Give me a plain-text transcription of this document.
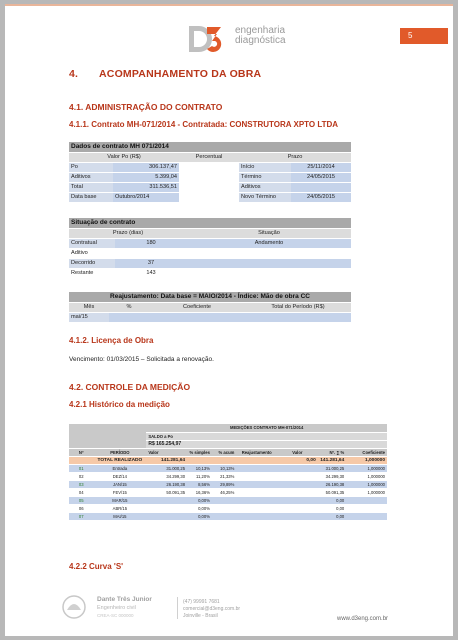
engenharia
diagnóstica	5
4. ACOMPANHAMENTO DA OBRA
4.1. ADMINISTRAÇÃO DO CONTRATO
4.1.1. Contrato MH-071/2014 - Contratada: CONSTRUTORA XPTO LTDA
Dados de contrato MH 071/2014				
Valor Po (R$)		Percentual	Prazo	
Po	306.137,47		Início	25/11/2014
Aditivos	5.399,04		Término	24/05/2015
Total	311.536,51		Aditivos	
Data base	Outubro/2014		Novo Término	24/05/2015
Situação de contrato		
Prazo (dias)		Situação
Contratual	180	Andamento
Aditivo		
Decorrido	37	
Restante	143	
Reajustamento: Data base = MAIO/2014 - Índice: Mão de obra CC			
Mês	%	Coeficiente	Total do Período (R$)
mai/15			
4.1.2. Licença de Obra
Vencimento: 01/03/2015 – Solicitada a renovação.
4.2. CONTROLE DA MEDIÇÃO
4.2.1 Histórico da medição
		MEDIÇÕES CONTRATO MH-071/2014						
		SALDO a Po						
		R$ 165.254,97						
Nº	PERÍODO	Valor	% simples	% acum	Reajustamento	Valor	Nº. ∑ %	Coeficiente
	TOTAL REALIZADO	141.281,64				0,00	141.281,64	1,000000
01	Entrada	31.000,25	10,13%	10,13%			31.000,25	1,000000
02	DEZ/14	34.299,30	11,20%	21,33%			34.299,30	1,000000
03	JAN/15	26.190,38	8,56%	29,89%			26.190,38	1,000000
04	FEV/15	50.091,35	16,36%	46,25%			50.091,35	1,000000
05	MAR/15		0,00%				0,00	
06	ABR/15		0,00%				0,00	
07	MAI/15		0,00%				0,00	
4.2.2 Curva 'S'
Dante Três Junior
Engenheiro civil
CREA-SC 000000
(47) 99991 7681
comercial@d3eng.com.br
Joinville - Brasil	www.d3eng.com.br
